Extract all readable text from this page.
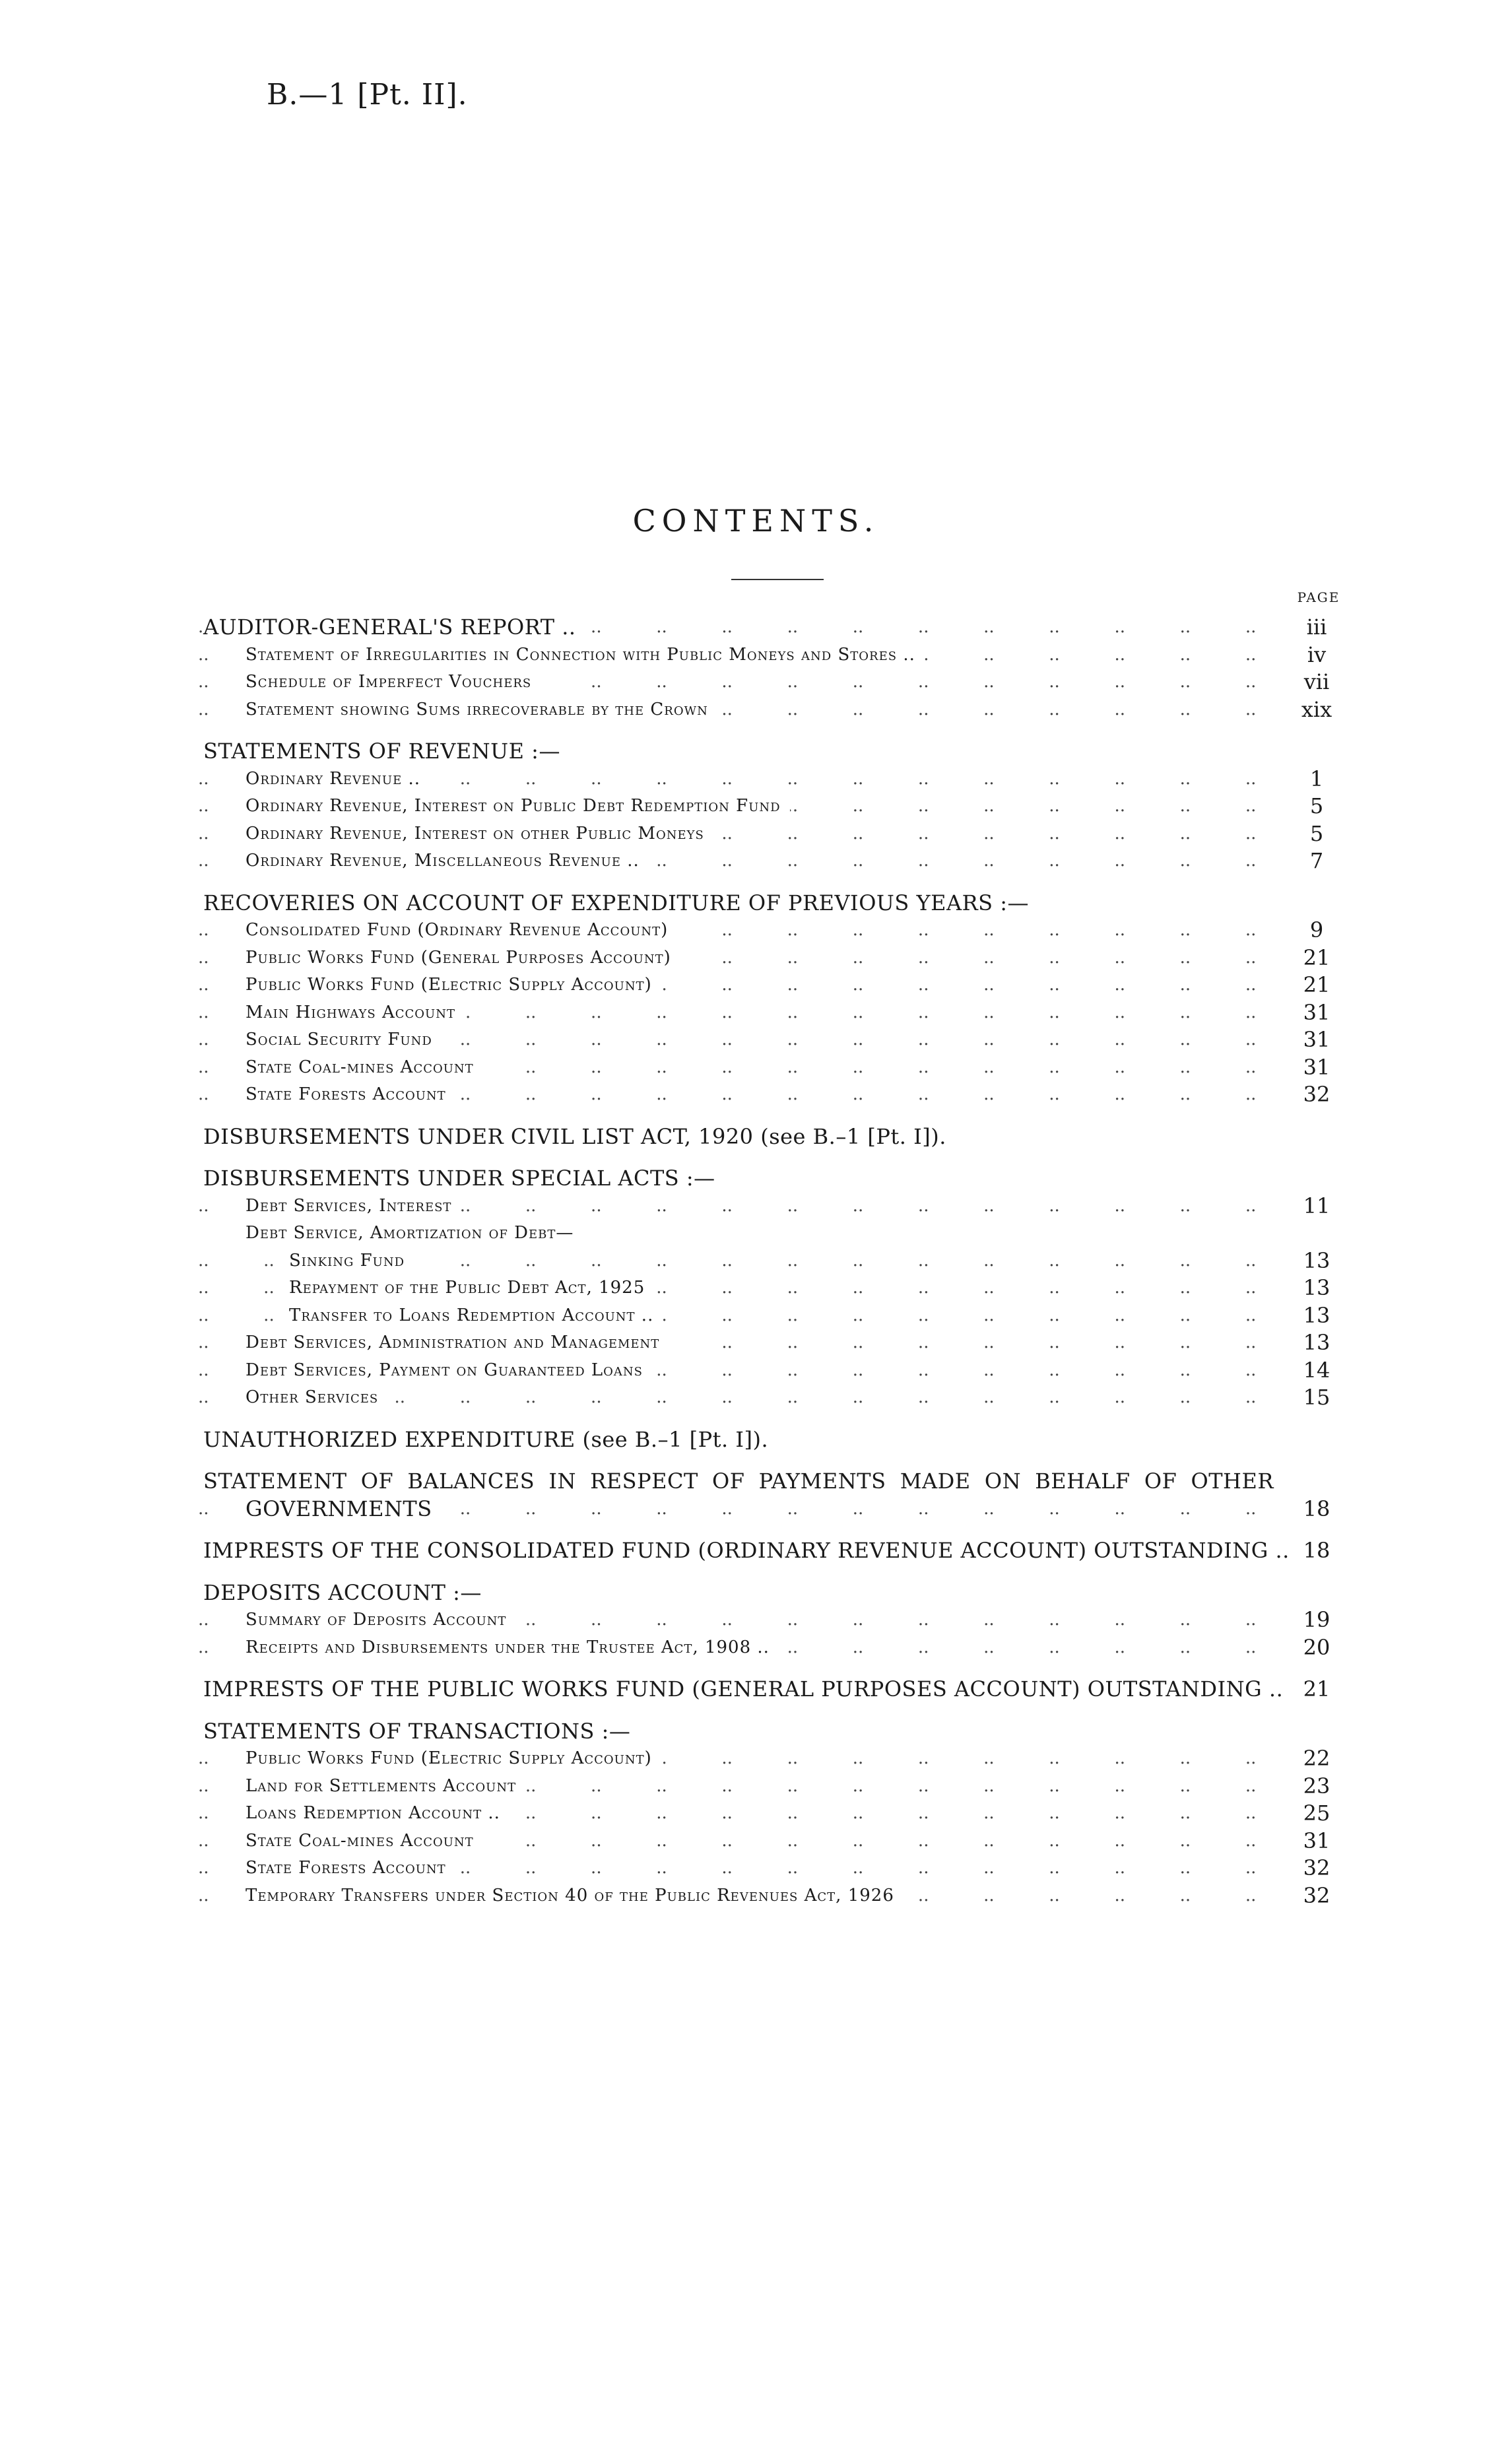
B.—1 [Pt. II].
CONTENTS.
PAGE
..
AUDITOR-GENERAL'S REPORT ..	iii
..
Statement of Irregularities in Connection with Public Moneys and Stores ..	iv
..
Schedule of Imperfect Vouchers	vii
..
Statement showing Sums irrecoverable by the Crown	xix
STATEMENTS OF REVENUE :—
..
Ordinary Revenue ..	1
..
Ordinary Revenue, Interest on Public Debt Redemption Fund	5
..
Ordinary Revenue, Interest on other Public Moneys	5
..
Ordinary Revenue, Miscellaneous Revenue ..	7
RECOVERIES ON ACCOUNT OF EXPENDITURE OF PREVIOUS YEARS :—
..
Consolidated Fund (Ordinary Revenue Account)	9
..
Public Works Fund (General Purposes Account)	21
..
Public Works Fund (Electric Supply Account)	21
..
Main Highways Account	31
..
Social Security Fund	31
..
State Coal-mines Account	31
..
State Forests Account	32
DISBURSEMENTS UNDER CIVIL LIST ACT, 1920 (see B.–1 [Pt. I]).
DISBURSEMENTS UNDER SPECIAL ACTS :—
..
Debt Services, Interest	11
Debt Service, Amortization of Debt—
..
Sinking Fund	13
..
Repayment of the Public Debt Act, 1925	13
..
Transfer to Loans Redemption Account ..	13
..
Debt Services, Administration and Management	13
..
Debt Services, Payment on Guaranteed Loans	14
..
Other Services	15
UNAUTHORIZED EXPENDITURE (see B.–1 [Pt. I]).
STATEMENT OF BALANCES IN RESPECT OF PAYMENTS MADE ON BEHALF OF OTHER
..
GOVERNMENTS	18
IMPRESTS OF THE CONSOLIDATED FUND (ORDINARY REVENUE ACCOUNT) OUTSTANDING .. 18
DEPOSITS ACCOUNT :—
..
Summary of Deposits Account	19
..
Receipts and Disbursements under the Trustee Act, 1908 ..	20
IMPRESTS OF THE PUBLIC WORKS FUND (GENERAL PURPOSES ACCOUNT) OUTSTANDING .. 21
STATEMENTS OF TRANSACTIONS :—
..
Public Works Fund (Electric Supply Account)	22
..
Land for Settlements Account	23
..
Loans Redemption Account ..	25
..
State Coal-mines Account	31
..
State Forests Account	32
..
Temporary Transfers under Section 40 of the Public Revenues Act, 1926	32
